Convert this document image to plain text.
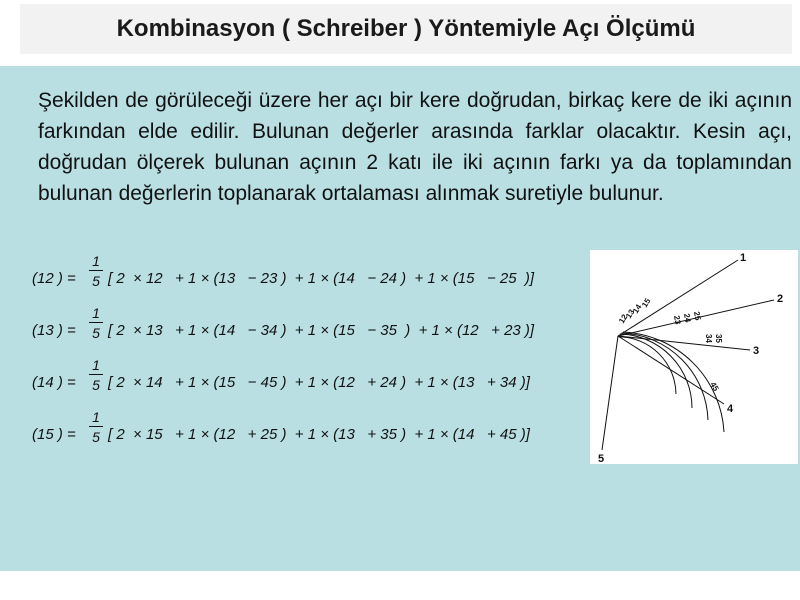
Kombinasyon ( Schreiber ) Yöntemiyle Açı Ölçümü
Şekilden de görüleceği üzere her açı bir kere doğrudan, birkaç kere de iki açının farkından elde edilir. Bulunan değerler arasında farklar olacaktır. Kesin açı, doğrudan ölçerek bulunan açının 2 katı ile iki açının farkı ya da toplamından bulunan değerlerin toplanarak ortalaması alınmak suretiyle bulunur.
(12 ) =
1
5 [ 2  × 12   + 1 × (13   − 23 )  + 1 × (14   − 24 )  + 1 × (15   − 25  )]
(13 ) =
1
5 [ 2  × 13   + 1 × (14   − 34 )  + 1 × (15   − 35  )  + 1 × (12   + 23 )]
(14 ) =
1
5 [ 2  × 14   + 1 × (15   − 45 )  + 1 × (12   + 24 )  + 1 × (13   + 34 )]
(15 ) =
1
5 [ 2  × 15   + 1 × (12   + 25 )  + 1 × (13   + 35 )  + 1 × (14   + 45 )]
1
2
3
4
5
15
14
13
12	25
24
23
35
34
45
